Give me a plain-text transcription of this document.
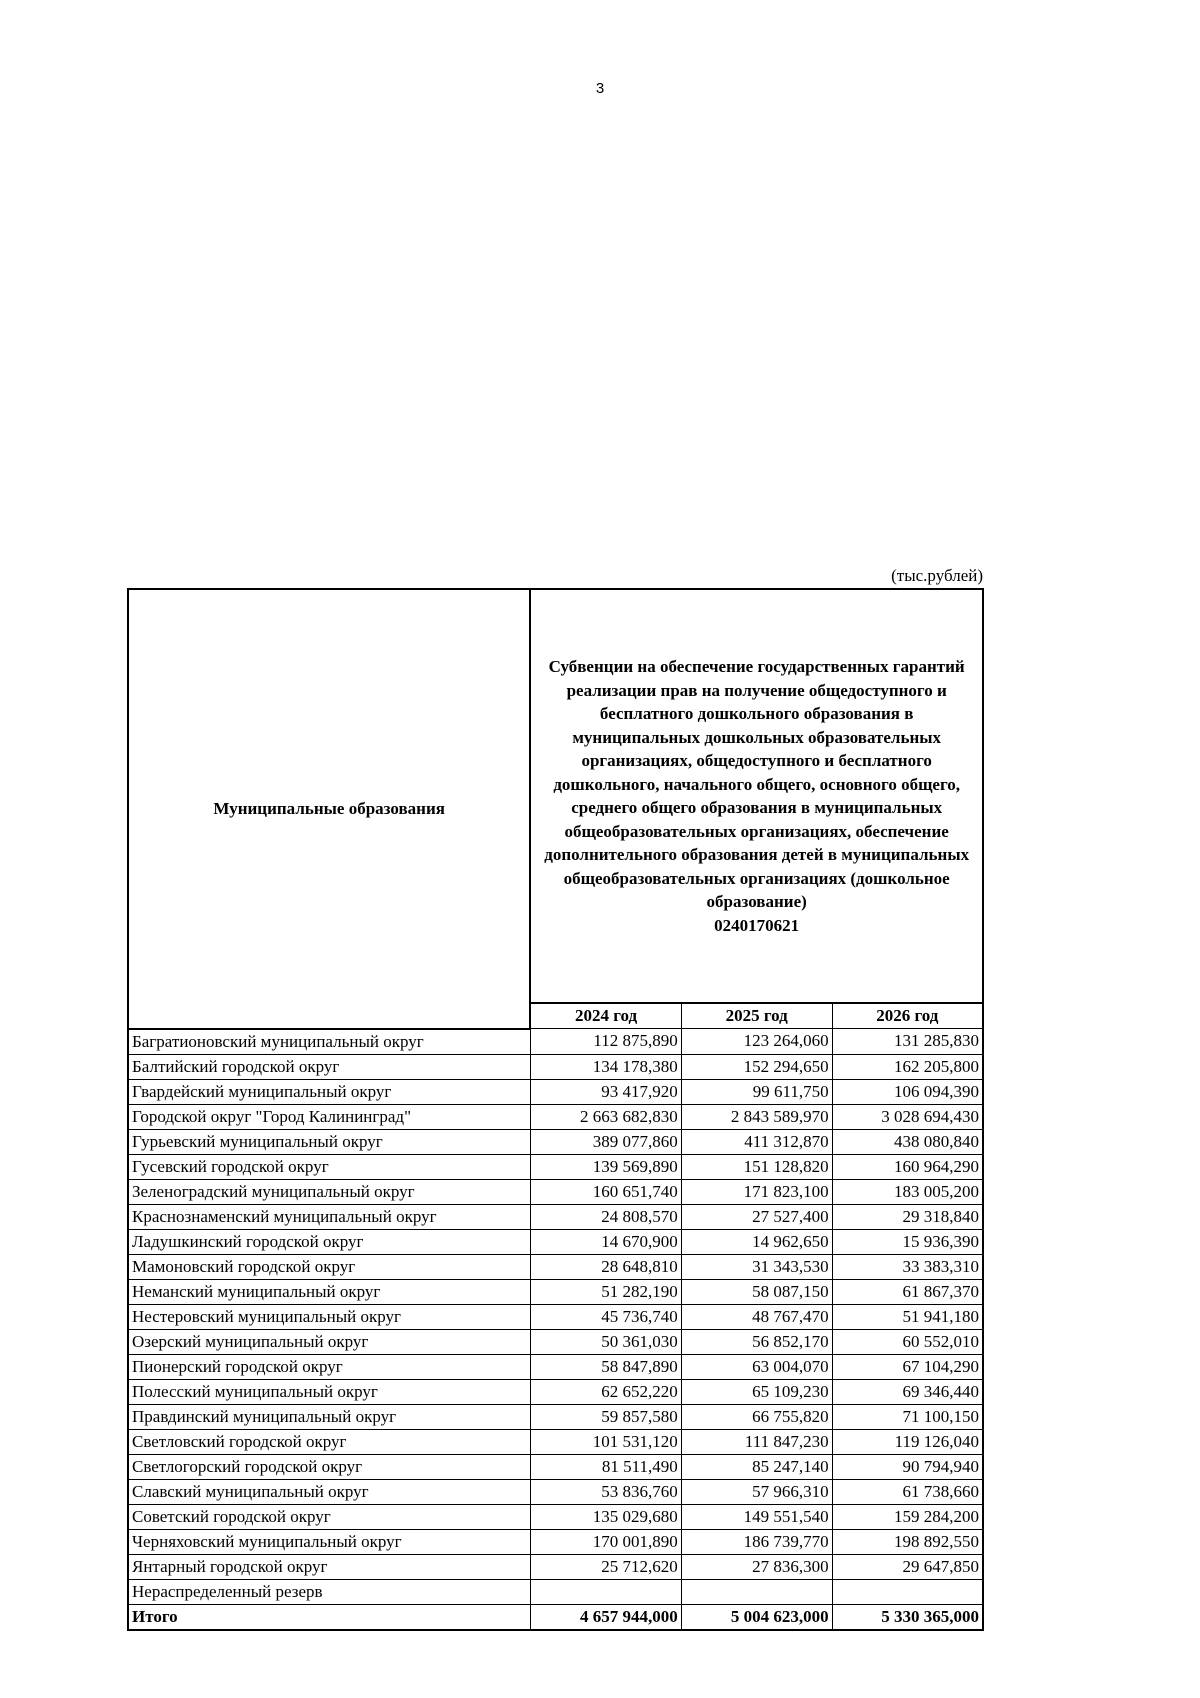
3
(тыс.рублей)
Муниципальные образования	Субвенции на обеспечение государственных гарантий реализации прав на получение общедоступного и бесплатного дошкольного образования в муниципальных дошкольных образовательных организациях, общедоступного и бесплатного дошкольного, начального общего, основного общего, среднего общего образования в муниципальных общеобразовательных организациях, обеспечение дополнительного образования детей в муниципальных общеобразовательных организациях (дошкольное образование)
0240170621		
	2024 год	2025 год	2026 год
Багратионовский муниципальный округ	112 875,890	123 264,060	131 285,830
Балтийский городской округ	134 178,380	152 294,650	162 205,800
Гвардейский муниципальный округ	93 417,920	99 611,750	106 094,390
Городской округ "Город Калининград"	2 663 682,830	2 843 589,970	3 028 694,430
Гурьевский муниципальный округ	389 077,860	411 312,870	438 080,840
Гусевский городской округ	139 569,890	151 128,820	160 964,290
Зеленоградский муниципальный округ	160 651,740	171 823,100	183 005,200
Краснознаменский муниципальный округ	24 808,570	27 527,400	29 318,840
Ладушкинский городской округ	14 670,900	14 962,650	15 936,390
Мамоновский городской округ	28 648,810	31 343,530	33 383,310
Неманский муниципальный округ	51 282,190	58 087,150	61 867,370
Нестеровский муниципальный округ	45 736,740	48 767,470	51 941,180
Озерский муниципальный округ	50 361,030	56 852,170	60 552,010
Пионерский городской округ	58 847,890	63 004,070	67 104,290
Полесский муниципальный округ	62 652,220	65 109,230	69 346,440
Правдинский муниципальный округ	59 857,580	66 755,820	71 100,150
Светловский городской округ	101 531,120	111 847,230	119 126,040
Светлогорский городской округ	81 511,490	85 247,140	90 794,940
Славский муниципальный округ	53 836,760	57 966,310	61 738,660
Советский городской округ	135 029,680	149 551,540	159 284,200
Черняховский муниципальный округ	170 001,890	186 739,770	198 892,550
Янтарный городской округ	25 712,620	27 836,300	29 647,850
Нераспределенный резерв			
Итого	4 657 944,000	5 004 623,000	5 330 365,000
